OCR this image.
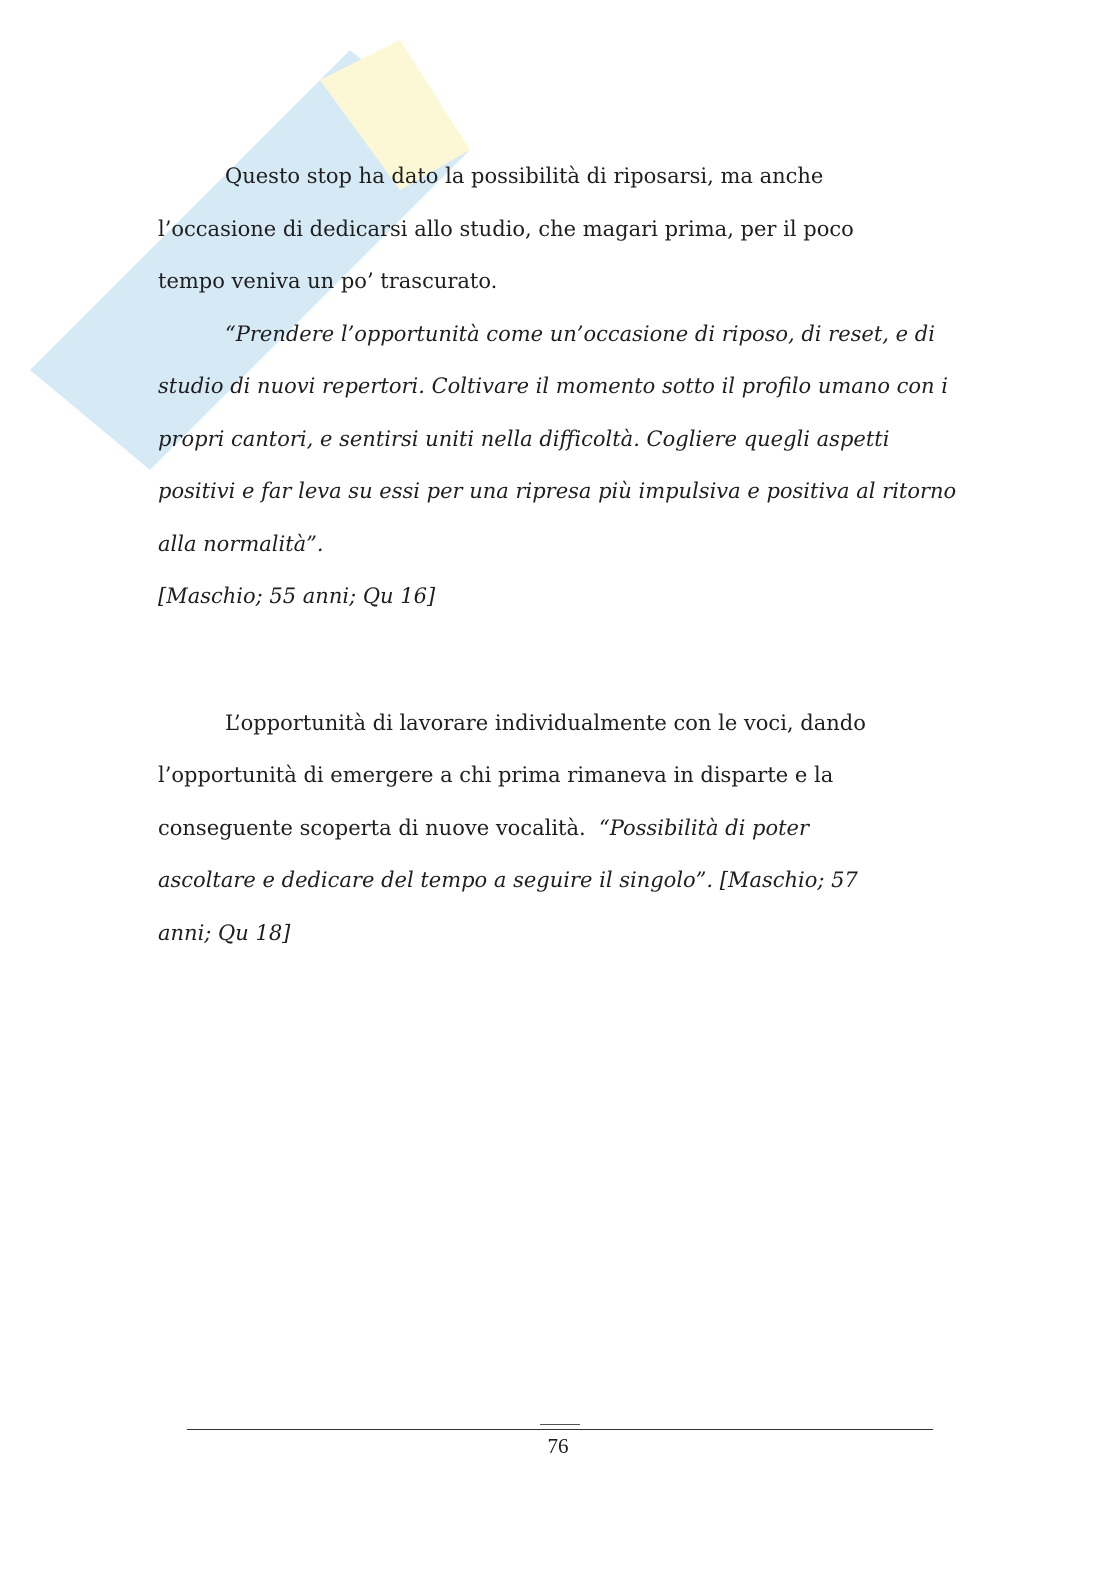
Questo stop ha dato la possibilità di riposarsi, ma anche l’occasione di dedicarsi allo studio, che magari prima, per il poco tempo veniva un po’ trascurato.

“Prendere l’opportunità come un’occasione di riposo, di reset, e di studio di nuovi repertori. Coltivare il momento sotto il profilo umano con i propri cantori, e sentirsi uniti nella difficoltà. Cogliere quegli aspetti positivi e far leva su essi per una ripresa più impulsiva e positiva al ritorno alla normalità”.
[Maschio; 55 anni; Qu 16]

L’opportunità di lavorare individualmente con le voci, dando l’opportunità di emergere a chi prima rimaneva in disparte e la conseguente scoperta di nuove vocalità. “Possibilità di poter ascoltare e dedicare del tempo a seguire il singolo”. [Maschio; 57 anni; Qu 18]

76
